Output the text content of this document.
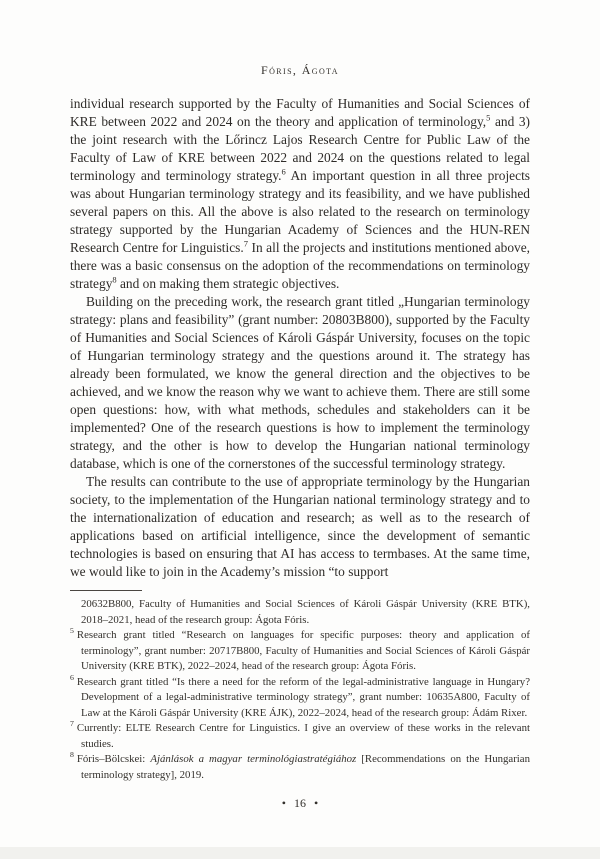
Fóris, Ágota

individual research supported by the Faculty of Humanities and Social Sciences of KRE between 2022 and 2024 on the theory and application of terminology,$^5$ and 3) the joint research with the Lőrincz Lajos Research Centre for Public Law of the Faculty of Law of KRE between 2022 and 2024 on the questions related to legal terminology and terminology strategy.$^6$ An important question in all three projects was about Hungarian terminology strategy and its feasibility, and we have published several papers on this. All the above is also related to the research on terminology strategy supported by the Hungarian Academy of Sciences and the HUN-REN Research Centre for Linguistics.$^7$ In all the projects and institutions mentioned above, there was a basic consensus on the adoption of the recommendations on terminology strategy$^8$ and on making them strategic objectives.

Building on the preceding work, the research grant titled „Hungarian terminology strategy: plans and feasibility” (grant number: 20803B800), supported by the Faculty of Humanities and Social Sciences of Károli Gáspár University, focuses on the topic of Hungarian terminology strategy and the questions around it. The strategy has already been formulated, we know the general direction and the objectives to be achieved, and we know the reason why we want to achieve them. There are still some open questions: how, with what methods, schedules and stakeholders can it be implemented? One of the research questions is how to implement the terminology strategy, and the other is how to develop the Hungarian national terminology database, which is one of the cornerstones of the successful terminology strategy.

The results can contribute to the use of appropriate terminology by the Hungarian society, to the implementation of the Hungarian national terminology strategy and to the internationalization of education and research; as well as to the research of applications based on artificial intelligence, since the development of semantic technologies is based on ensuring that AI has access to termbases. At the same time, we would like to join in the Academy’s mission “to support

20632B800, Faculty of Humanities and Social Sciences of Károli Gáspár University (KRE BTK), 2018–2021, head of the research group: Ágota Fóris.
$^5$ Research grant titled “Research on languages for specific purposes: theory and application of terminology”, grant number: 20717B800, Faculty of Humanities and Social Sciences of Károli Gáspár University (KRE BTK), 2022–2024, head of the research group: Ágota Fóris.
$^6$ Research grant titled “Is there a need for the reform of the legal-administrative language in Hungary? Development of a legal-administrative terminology strategy”, grant number: 10635A800, Faculty of Law at the Károli Gáspár University (KRE ÁJK), 2022–2024, head of the research group: Ádám Rixer.
$^7$ Currently: ELTE Research Centre for Linguistics. I give an overview of these works in the relevant studies.
$^8$ Fóris–Bölcskei: Ajánlások a magyar terminológiastratégiához [Recommendations on the Hungarian terminology strategy], 2019.
• 16 •
